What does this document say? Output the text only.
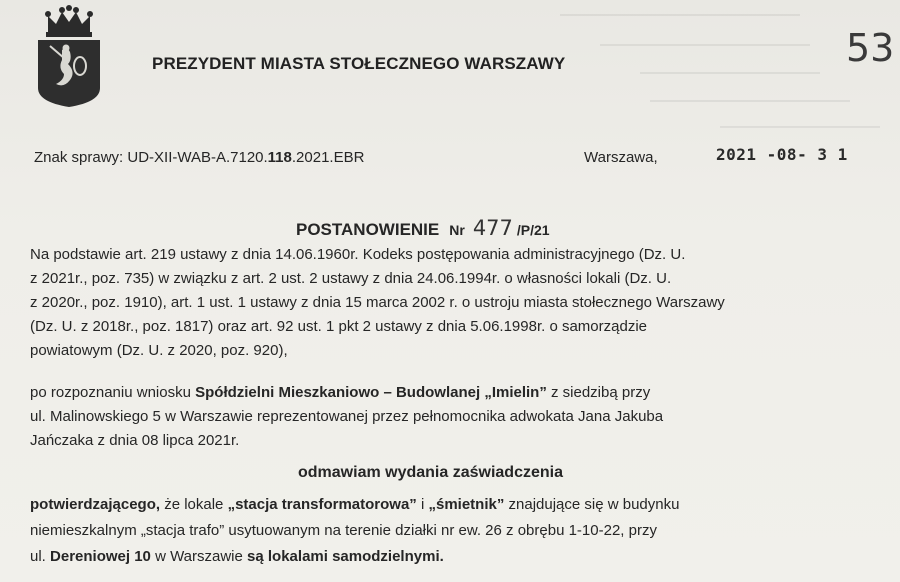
PREZYDENT MIASTA STOŁECZNEGO WARSZAWY	53
Znak sprawy: UD-XII-WAB-A.7120.118.2021.EBR	Warszawa,	2021 -08- 3 1
POSTANOWIENIE Nr 477 /P/21
Na podstawie art. 219 ustawy z dnia 14.06.1960r. Kodeks postępowania administracyjnego (Dz. U.
z 2021r., poz. 735) w związku z art. 2 ust. 2 ustawy z dnia 24.06.1994r. o własności lokali (Dz. U.
z 2020r., poz. 1910), art. 1 ust. 1 ustawy z dnia 15 marca 2002 r. o ustroju miasta stołecznego Warszawy
(Dz. U. z 2018r., poz. 1817) oraz art. 92 ust. 1 pkt 2 ustawy z dnia 5.06.1998r. o samorządzie
powiatowym (Dz. U. z 2020, poz. 920),
po rozpoznaniu wniosku Spółdzielni Mieszkaniowo – Budowlanej „Imielin” z siedzibą przy
ul. Malinowskiego 5 w Warszawie reprezentowanej przez pełnomocnika adwokata Jana Jakuba
Jańczaka z dnia 08 lipca 2021r.
odmawiam wydania zaświadczenia
potwierdzającego, że lokale „stacja transformatorowa” i „śmietnik” znajdujące się w budynku
niemieszkalnym „stacja trafo” usytuowanym na terenie działki nr ew. 26 z obrębu 1-10-22, przy
ul. Dereniowej 10 w Warszawie są lokalami samodzielnymi.
